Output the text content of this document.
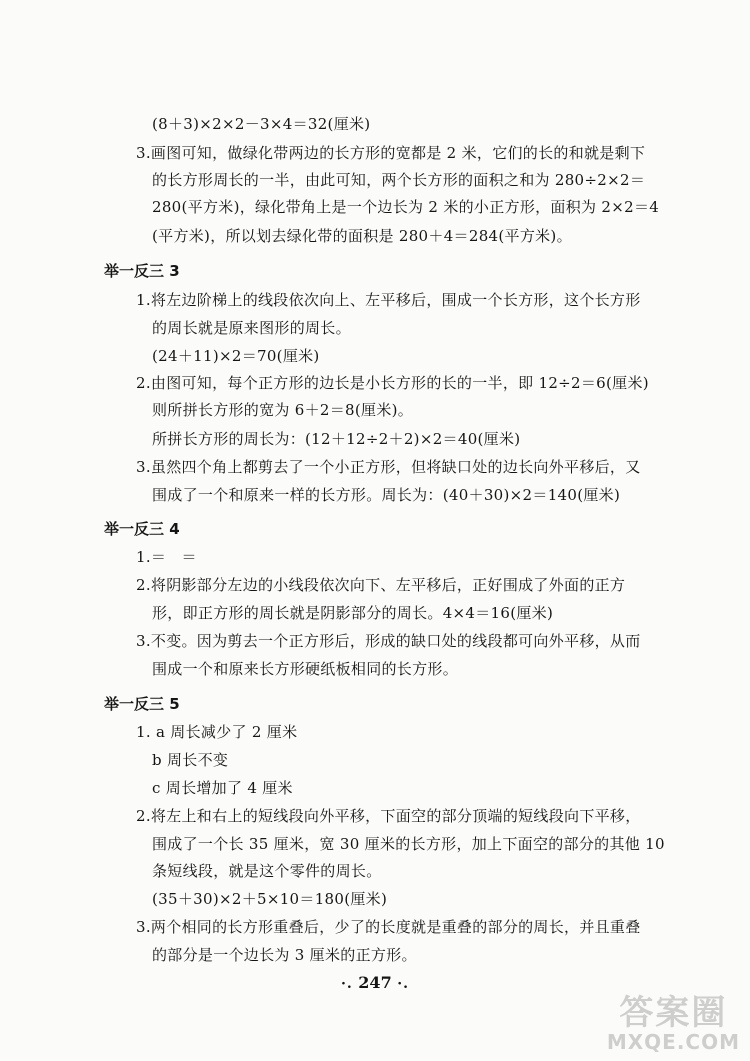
(8＋3)×2×2－3×4＝32(厘米)
3.画图可知，做绿化带两边的长方形的宽都是 2 米，它们的长的和就是剩下
的长方形周长的一半，由此可知，两个长方形的面积之和为 280÷2×2＝
280(平方米)，绿化带角上是一个边长为 2 米的小正方形，面积为 2×2＝4
(平方米)，所以划去绿化带的面积是 280＋4＝284(平方米)。
举一反三 3
1.将左边阶梯上的线段依次向上、左平移后，围成一个长方形，这个长方形
的周长就是原来图形的周长。
(24＋11)×2＝70(厘米)
2.由图可知，每个正方形的边长是小长方形的长的一半，即 12÷2＝6(厘米)
则所拼长方形的宽为 6＋2＝8(厘米)。
所拼长方形的周长为：(12＋12÷2＋2)×2＝40(厘米)
3.虽然四个角上都剪去了一个小正方形，但将缺口处的边长向外平移后，又
围成了一个和原来一样的长方形。周长为：(40＋30)×2＝140(厘米)
举一反三 4
1.＝　＝
2.将阴影部分左边的小线段依次向下、左平移后，正好围成了外面的正方
形，即正方形的周长就是阴影部分的周长。4×4＝16(厘米)
3.不变。因为剪去一个正方形后，形成的缺口处的线段都可向外平移，从而
围成一个和原来长方形硬纸板相同的长方形。
举一反三 5
1. a 周长减少了 2 厘米
b 周长不变
c 周长增加了 4 厘米
2.将左上和右上的短线段向外平移，下面空的部分顶端的短线段向下平移，
围成了一个长 35 厘米，宽 30 厘米的长方形，加上下面空的部分的其他 10
条短线段，就是这个零件的周长。
(35＋30)×2＋5×10＝180(厘米)
3.两个相同的长方形重叠后，少了的长度就是重叠的部分的周长，并且重叠
的部分是一个边长为 3 厘米的正方形。
·. 247 ·.
答案圈
MXQE.COM
